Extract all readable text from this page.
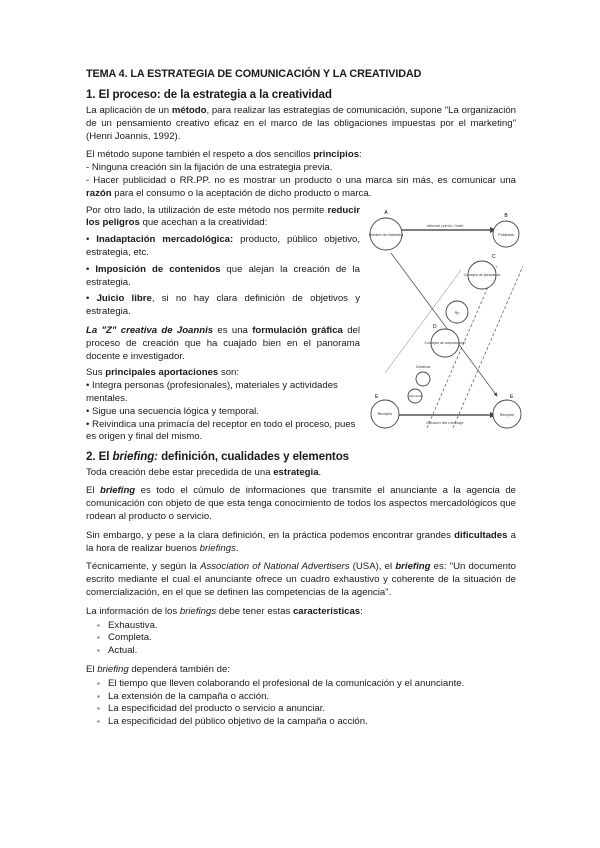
TEMA 4. LA ESTRATEGIA DE COMUNICACIÓN Y LA CREATIVIDAD

1. El proceso: de la estrategia a la creatividad

La aplicación de un método, para realizar las estrategias de comunicación, supone "La organización de un pensamiento creativo eficaz en el marco de las obligaciones impuestas por el marketing" (Henri Joannis, 1992).

El método supone también el respeto a dos sencillos principios:

- Ninguna creación sin la fijación de una estrategia previa.

- Hacer publicidad o RR.PP. no es mostrar un producto o una marca sin más, es comunicar una razón para el consumo o la aceptación de dicho producto o marca.

Por otro lado, la utilización de este método nos permite reducir los peligros que acechan a la creatividad:

• Inadaptación mercadológica: producto, público objetivo, estrategia, etc.

• Imposición de contenidos que alejan la creación de la estrategia.

• Juicio libre, si no hay clara definición de objetivos y estrategia.

La "Z" creativa de Joannis es una formulación gráfica del proceso de creación que ha cuajado bien en el panorama docente e investigador.

Sus principales aportaciones son:

• Integra personas (profesionales), materiales y actividades mentales.

• Sigue una secuencia lógica y temporal.

• Reivindica una primacía del receptor en todo el proceso, pues es origen y final del mismo.

Informe previo / brief
Difusión del mensaje
A
Hombre de marketing
B
Publicista
C
Concepto de persuasión
Rp
D
Concepto de comunicación
Creativos
Fabricación
E
Receptor
E
Receptor

2. El briefing: definición, cualidades y elementos

Toda creación debe estar precedida de una estrategia.

El briefing es todo el cúmulo de informaciones que transmite el anunciante a la agencia de comunicación con objeto de que esta tenga conocimiento de todos los aspectos mercadológicos que rodean al producto o servicio.

Sin embargo, y pese a la clara definición, en la práctica podemos encontrar grandes dificultades a la hora de realizar buenos briefings.

Técnicamente, y según la Association of National Advertisers (USA), el briefing es: "Un documento escrito mediante el cual el anunciante ofrece un cuadro exhaustivo y coherente de la situación de comercialización, en el que se definen las competencias de la agencia".

La información de los briefings debe tener estas características:

▪ Exhaustiva.
▪ Completa.
▪ Actual.

El briefing dependerá también de:

▪ El tiempo que lleven colaborando el profesional de la comunicación y el anunciante.
▪ La extensión de la campaña o acción.
▪ La especificidad del producto o servicio a anunciar.
▪ La especificidad del público objetivo de la campaña o acción.
